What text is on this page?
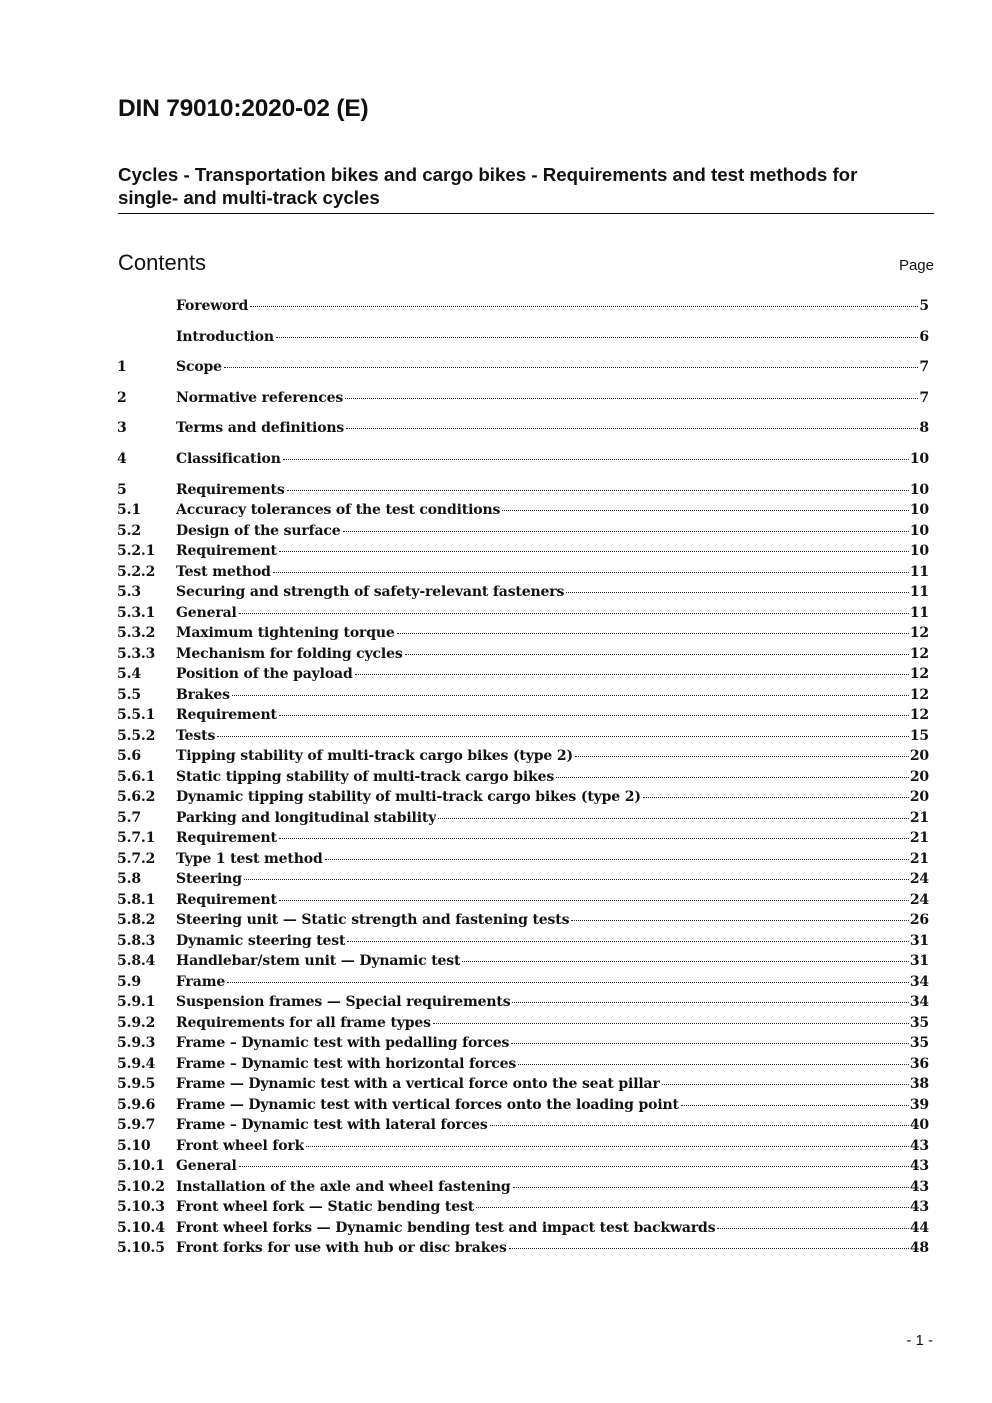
DIN 79010:2020-02 (E)
Cycles - Transportation bikes and cargo bikes - Requirements and test methods for
single- and multi-track cycles
Contents	Page
Foreword	5
Introduction	6
1	Scope	7
2	Normative references	7
3	Terms and definitions	8
4	Classification	10
5	Requirements	10
5.1	Accuracy tolerances of the test conditions	10
5.2	Design of the surface	10
5.2.1	Requirement	10
5.2.2	Test method	11
5.3	Securing and strength of safety-relevant fasteners	11
5.3.1	General	11
5.3.2	Maximum tightening torque	12
5.3.3	Mechanism for folding cycles	12
5.4	Position of the payload	12
5.5	Brakes	12
5.5.1	Requirement	12
5.5.2	Tests	15
5.6	Tipping stability of multi-track cargo bikes (type 2)	20
5.6.1	Static tipping stability of multi-track cargo bikes	20
5.6.2	Dynamic tipping stability of multi-track cargo bikes (type 2)	20
5.7	Parking and longitudinal stability	21
5.7.1	Requirement	21
5.7.2	Type 1 test method	21
5.8	Steering	24
5.8.1	Requirement	24
5.8.2	Steering unit — Static strength and fastening tests	26
5.8.3	Dynamic steering test	31
5.8.4	Handlebar/stem unit — Dynamic test	31
5.9	Frame	34
5.9.1	Suspension frames — Special requirements	34
5.9.2	Requirements for all frame types	35
5.9.3	Frame – Dynamic test with pedalling forces	35
5.9.4	Frame – Dynamic test with horizontal forces	36
5.9.5	Frame — Dynamic test with a vertical force onto the seat pillar	38
5.9.6	Frame — Dynamic test with vertical forces onto the loading point	39
5.9.7	Frame – Dynamic test with lateral forces	40
5.10	Front wheel fork	43
5.10.1 General	43
5.10.2 Installation of the axle and wheel fastening	43
5.10.3 Front wheel fork — Static bending test	43
5.10.4 Front wheel forks — Dynamic bending test and impact test backwards	44
5.10.5 Front forks for use with hub or disc brakes	48
- 1 -
